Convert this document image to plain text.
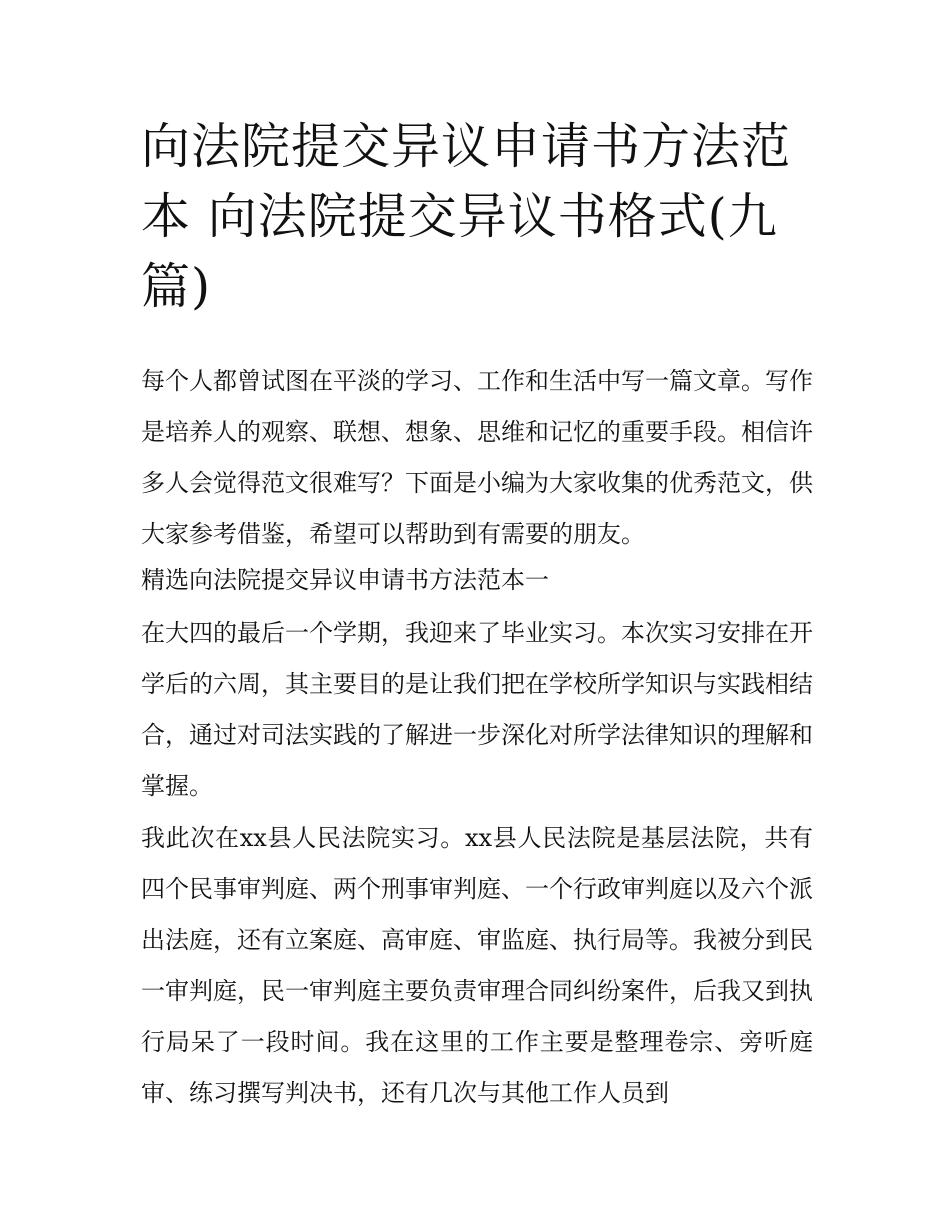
向法院提交异议申请书方法范本 向法院提交异议书格式(九篇)

每个人都曾试图在平淡的学习、工作和生活中写一篇文章。写作是培养人的观察、联想、想象、思维和记忆的重要手段。相信许多人会觉得范文很难写？下面是小编为大家收集的优秀范文，供大家参考借鉴，希望可以帮助到有需要的朋友。

精选向法院提交异议申请书方法范本一

在大四的最后一个学期，我迎来了毕业实习。本次实习安排在开学后的六周，其主要目的是让我们把在学校所学知识与实践相结合，通过对司法实践的了解进一步深化对所学法律知识的理解和掌握。

我此次在xx县人民法院实习。xx县人民法院是基层法院，共有四个民事审判庭、两个刑事审判庭、一个行政审判庭以及六个派出法庭，还有立案庭、高审庭、审监庭、执行局等。我被分到民一审判庭，民一审判庭主要负责审理合同纠纷案件，后我又到执行局呆了一段时间。我在这里的工作主要是整理卷宗、旁听庭审、练习撰写判决书，还有几次与其他工作人员到
